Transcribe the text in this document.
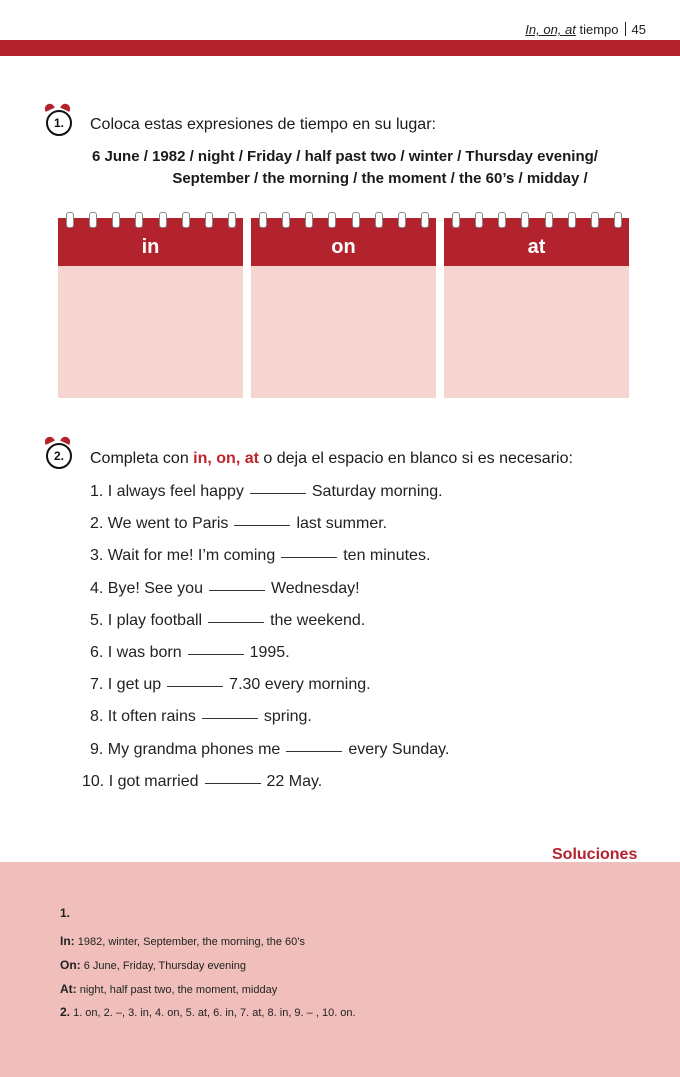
In, on, at tiempo 45
1.	Coloca estas expresiones de tiempo en su lugar:
6 June / 1982 / night / Friday / half past two / winter / Thursday evening/
September / the morning / the moment / the 60’s / midday /
in	on	at
2.	Completa con in, on, at o deja el espacio en blanco si es necesario:
1. I always feel happy	Saturday morning.
2. We went to Paris	last summer.
3. Wait for me! I’m coming	ten minutes.
4. Bye! See you	Wednesday!
5. I play football	the weekend.
6. I was born	1995.
7. I get up	7.30 every morning.
8. It often rains	spring.
9. My grandma phones me	every Sunday.
10. I got married	22 May.
Soluciones
1.
In: 1982, winter, September, the morning, the 60’s
On: 6 June, Friday, Thursday evening
At: night, half past two, the moment, midday
2. 1. on, 2. –, 3. in, 4. on, 5. at, 6. in, 7. at, 8. in, 9. – , 10. on.
